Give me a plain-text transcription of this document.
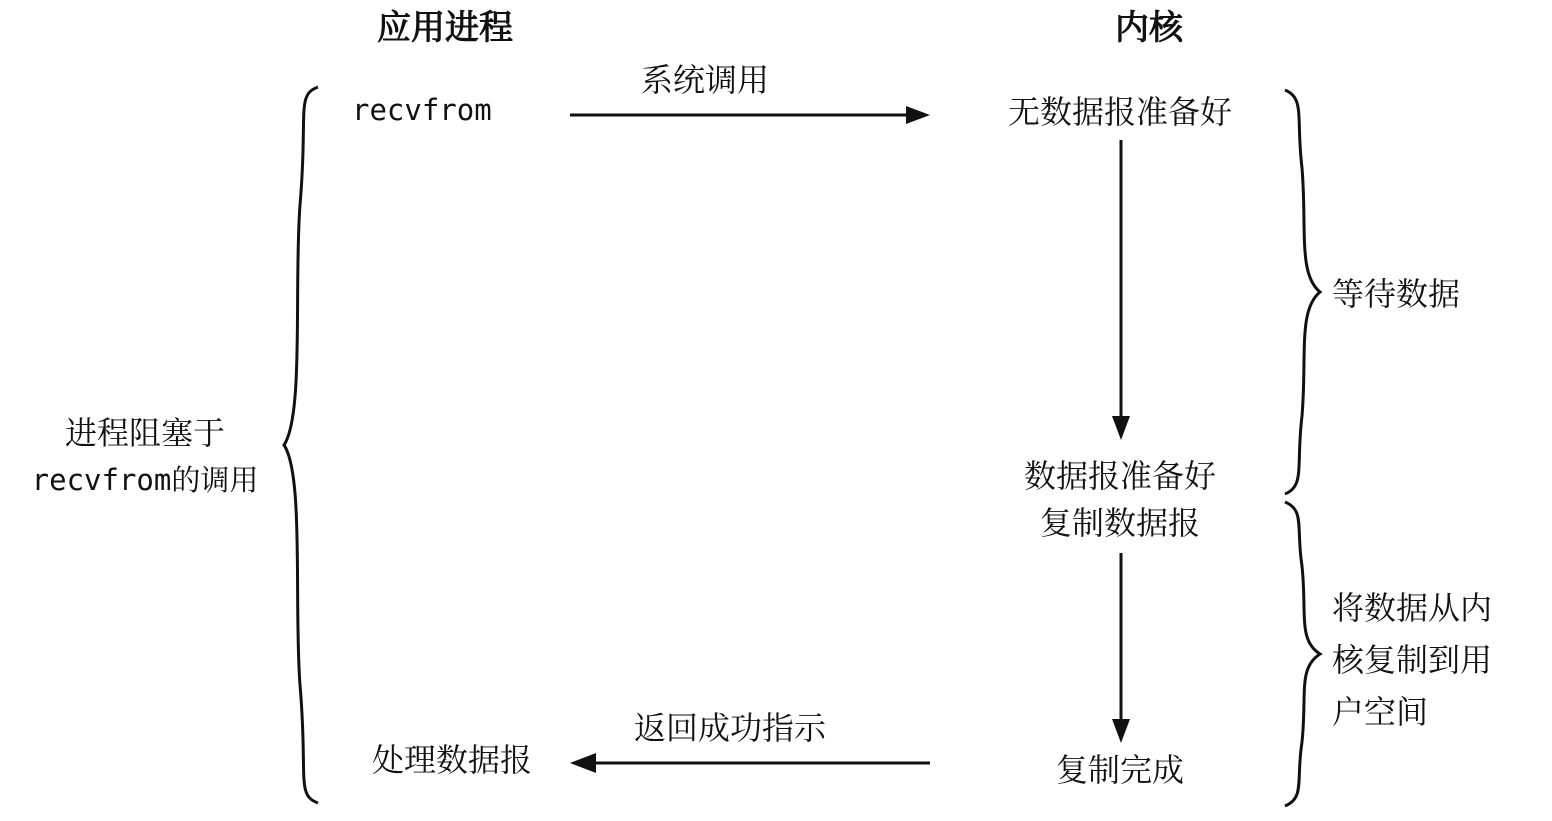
应用进程	内核
进程阻塞于
recvfrom的调用
recvfrom
系统调用
无数据报准备好
数据报准备好
复制数据报
复制完成
等待数据
将数据从内
核复制到用
户空间
返回成功指示
处理数据报
